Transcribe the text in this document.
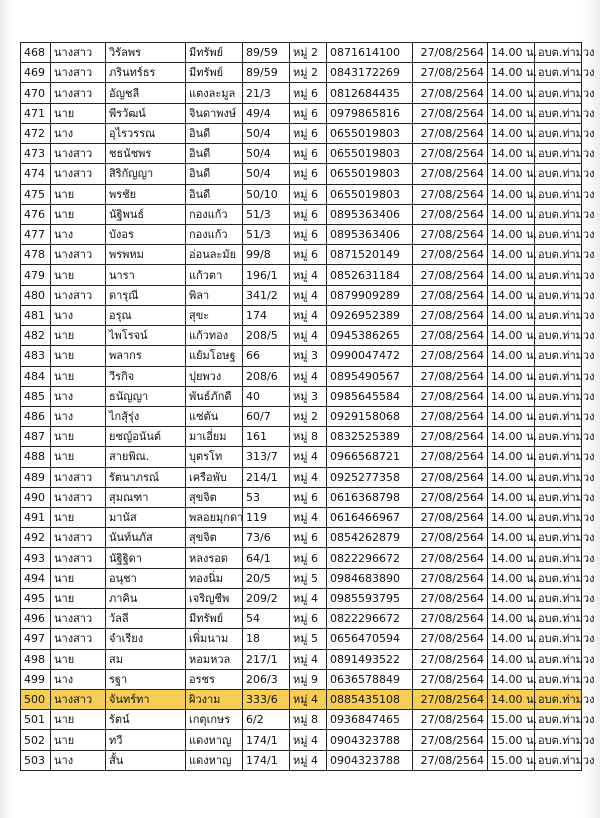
468	นางสาว	วิรัลพร	มีทรัพย์	89/59	หมู่ 2	0871614100	27/08/2564	14.00 น.	อบต.ท่าม่วง
469	นางสาว	ภรินทร์ธร	มีทรัพย์	89/59	หมู่ 2	0843172269	27/08/2564	14.00 น.	อบต.ท่าม่วง
470	นางสาว	อัญชลี	แตงละมูล	21/3	หมู่ 6	0812684435	27/08/2564	14.00 น.	อบต.ท่าม่วง
471	นาย	พีรวัฒน์	จินดาพงษ์	49/4	หมู่ 6	0979865816	27/08/2564	14.00 น.	อบต.ท่าม่วง
472	นาง	อุไรวรรณ	อินดี	50/4	หมู่ 6	0655019803	27/08/2564	14.00 น.	อบต.ท่าม่วง
473	นางสาว	ชธนัชพร	อินดี	50/4	หมู่ 6	0655019803	27/08/2564	14.00 น.	อบต.ท่าม่วง
474	นางสาว	สิริกัญญา	อินดี	50/4	หมู่ 6	0655019803	27/08/2564	14.00 น.	อบต.ท่าม่วง
475	นาย	พรชัย	อินดี	50/10	หมู่ 6	0655019803	27/08/2564	14.00 น.	อบต.ท่าม่วง
476	นาย	นัฐิพนธ์	กองแก้ว	51/3	หมู่ 6	0895363406	27/08/2564	14.00 น.	อบต.ท่าม่วง
477	นาง	บังอร	กองแก้ว	51/3	หมู่ 6	0895363406	27/08/2564	14.00 น.	อบต.ท่าม่วง
478	นางสาว	พรพหม	อ่อนละมัย	99/8	หมู่ 6	0871520149	27/08/2564	14.00 น.	อบต.ท่าม่วง
479	นาย	นารา	แก้วตา	196/1	หมู่ 4	0852631184	27/08/2564	14.00 น.	อบต.ท่าม่วง
480	นางสาว	ดารุณี	พิลา	341/2	หมู่ 4	0879909289	27/08/2564	14.00 น.	อบต.ท่าม่วง
481	นาง	อรุณ	สุขะ	174	หมู่ 4	0926952389	27/08/2564	14.00 น.	อบต.ท่าม่วง
482	นาย	ไพโรจน์	แก้วทอง	208/5	หมู่ 4	0945386265	27/08/2564	14.00 น.	อบต.ท่าม่วง
483	นาย	พลากร	แย้มโอษฐ	66	หมู่ 3	0990047472	27/08/2564	14.00 น.	อบต.ท่าม่วง
484	นาย	วีรกิจ	ปุยพวง	208/6	หมู่ 4	0895490567	27/08/2564	14.00 น.	อบต.ท่าม่วง
485	นาง	ธนัญญา	พันธ์ภักดี	40	หมู่ 3	0985645584	27/08/2564	14.00 น.	อบต.ท่าม่วง
486	นาง	ไกสุ้รุ่ง	แซ่ตัน	60/7	หมู่ 2	0929158068	27/08/2564	14.00 น.	อบต.ท่าม่วง
487	นาย	ยชญ์อนันต์	มาเอี่ยม	161	หมู่ 8	0832525389	27/08/2564	14.00 น.	อบต.ท่าม่วง
488	นาย	สายพิณ.	บุตรโท	313/7	หมู่ 4	0966568721	27/08/2564	14.00 น.	อบต.ท่าม่วง
489	นางสาว	รัตนาภรณ์	เครือพับ	214/1	หมู่ 4	0925277358	27/08/2564	14.00 น.	อบต.ท่าม่วง
490	นางสาว	สุมณฑา	สุขจิต	53	หมู่ 6	0616368798	27/08/2564	14.00 น.	อบต.ท่าม่วง
491	นาย	มานัส	พลอยมุกดา	119	หมู่ 4	0616466967	27/08/2564	14.00 น.	อบต.ท่าม่วง
492	นางสาว	นันท์นภัส	สุขจิต	73/6	หมู่ 6	0854262879	27/08/2564	14.00 น.	อบต.ท่าม่วง
493	นางสาว	นัฐิฐิดา	หลงรอด	64/1	หมู่ 6	0822296672	27/08/2564	14.00 น.	อบต.ท่าม่วง
494	นาย	อนุชา	ทองนิ่ม	20/5	หมู่ 5	0984683890	27/08/2564	14.00 น.	อบต.ท่าม่วง
495	นาย	ภาคิน	เจริญชีพ	209/2	หมู่ 4	0985593795	27/08/2564	14.00 น.	อบต.ท่าม่วง
496	นางสาว	วัลลี	มีทรัพย์	54	หมู่ 6	0822296672	27/08/2564	14.00 น.	อบต.ท่าม่วง
497	นางสาว	จำเรียง	เพิ่มนาม	18	หมู่ 5	0656470594	27/08/2564	14.00 น.	อบต.ท่าม่วง
498	นาย	สม	หอมหวล	217/1	หมู่ 4	0891493522	27/08/2564	14.00 น.	อบต.ท่าม่วง
499	นาง	รฐา	อรชร	206/3	หมู่ 9	0636578849	27/08/2564	14.00 น.	อบต.ท่าม่วง
500	นางสาว	จันทร์ทา	ผิวงาม	333/6	หมู่ 4	0885435108	27/08/2564	14.00 น.	อบต.ท่าม่วง
501	นาย	รัตน์	เกตุเกษร	6/2	หมู่ 8	0936847465	27/08/2564	15.00 น.	อบต.ท่าม่วง
502	นาย	ทวี	แดงหาญ	174/1	หมู่ 4	0904323788	27/08/2564	15.00 น.	อบต.ท่าม่วง
503	นาง	สั้น	แดงหาญ	174/1	หมู่ 4	0904323788	27/08/2564	15.00 น.	อบต.ท่าม่วง
